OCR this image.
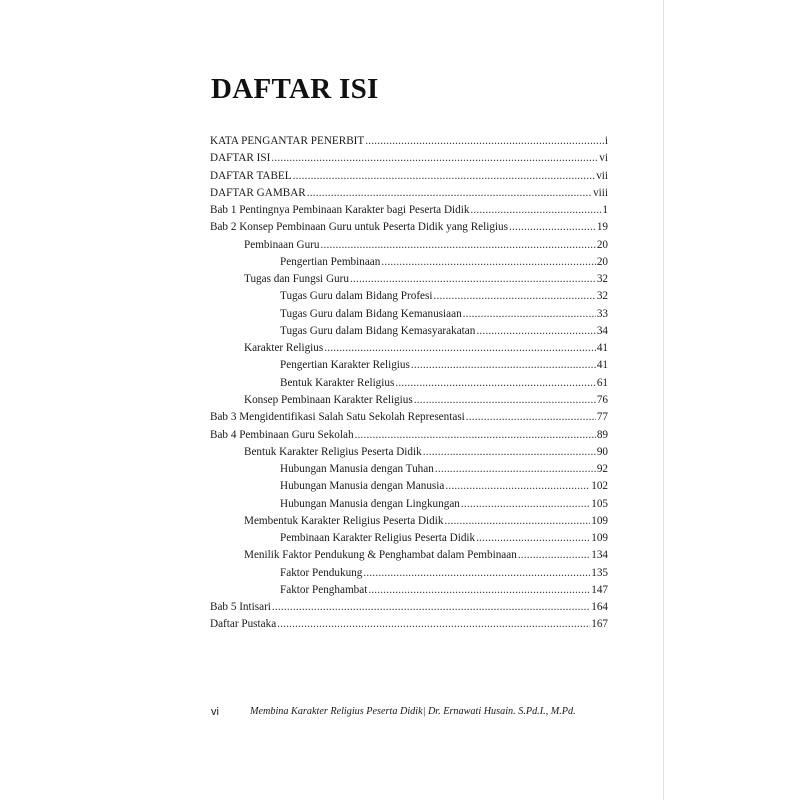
DAFTAR ISI
KATA PENGANTAR PENERBIT .....	i
DAFTAR ISI .....	vi
DAFTAR TABEL .....	vii
DAFTAR GAMBAR .....	viii
Bab 1 Pentingnya Pembinaan Karakter bagi Peserta Didik .....	1
Bab 2 Konsep Pembinaan Guru untuk Peserta Didik yang Religius .....	19
Pembinaan Guru .....	20
Pengertian Pembinaan .....	20
Tugas dan Fungsi Guru .....	32
Tugas Guru dalam Bidang Profesi .....	32
Tugas Guru dalam Bidang Kemanusiaan .....	33
Tugas Guru dalam Bidang Kemasyarakatan .....	34
Karakter Religius .....	41
Pengertian Karakter Religius .....	41
Bentuk Karakter Religius .....	61
Konsep Pembinaan Karakter Religius .....	76
Bab 3 Mengidentifikasi Salah Satu Sekolah Representasi .....	77
Bab 4 Pembinaan Guru Sekolah .....	89
Bentuk Karakter Religius Peserta Didik .....	90
Hubungan Manusia dengan Tuhan .....	92
Hubungan Manusia dengan Manusia .....	102
Hubungan Manusia dengan Lingkungan .....	105
Membentuk Karakter Religius Peserta Didik .....	109
Pembinaan Karakter Religius Peserta Didik .....	109
Menilik Faktor Pendukung & Penghambat dalam Pembinaan .....	134
Faktor Pendukung .....	135
Faktor Penghambat .....	147
Bab 5 Intisari .....	164
Daftar Pustaka .....	167
vi	Membina Karakter Religius Peserta Didik| Dr. Ernawati Husain. S.Pd.I., M.Pd.
